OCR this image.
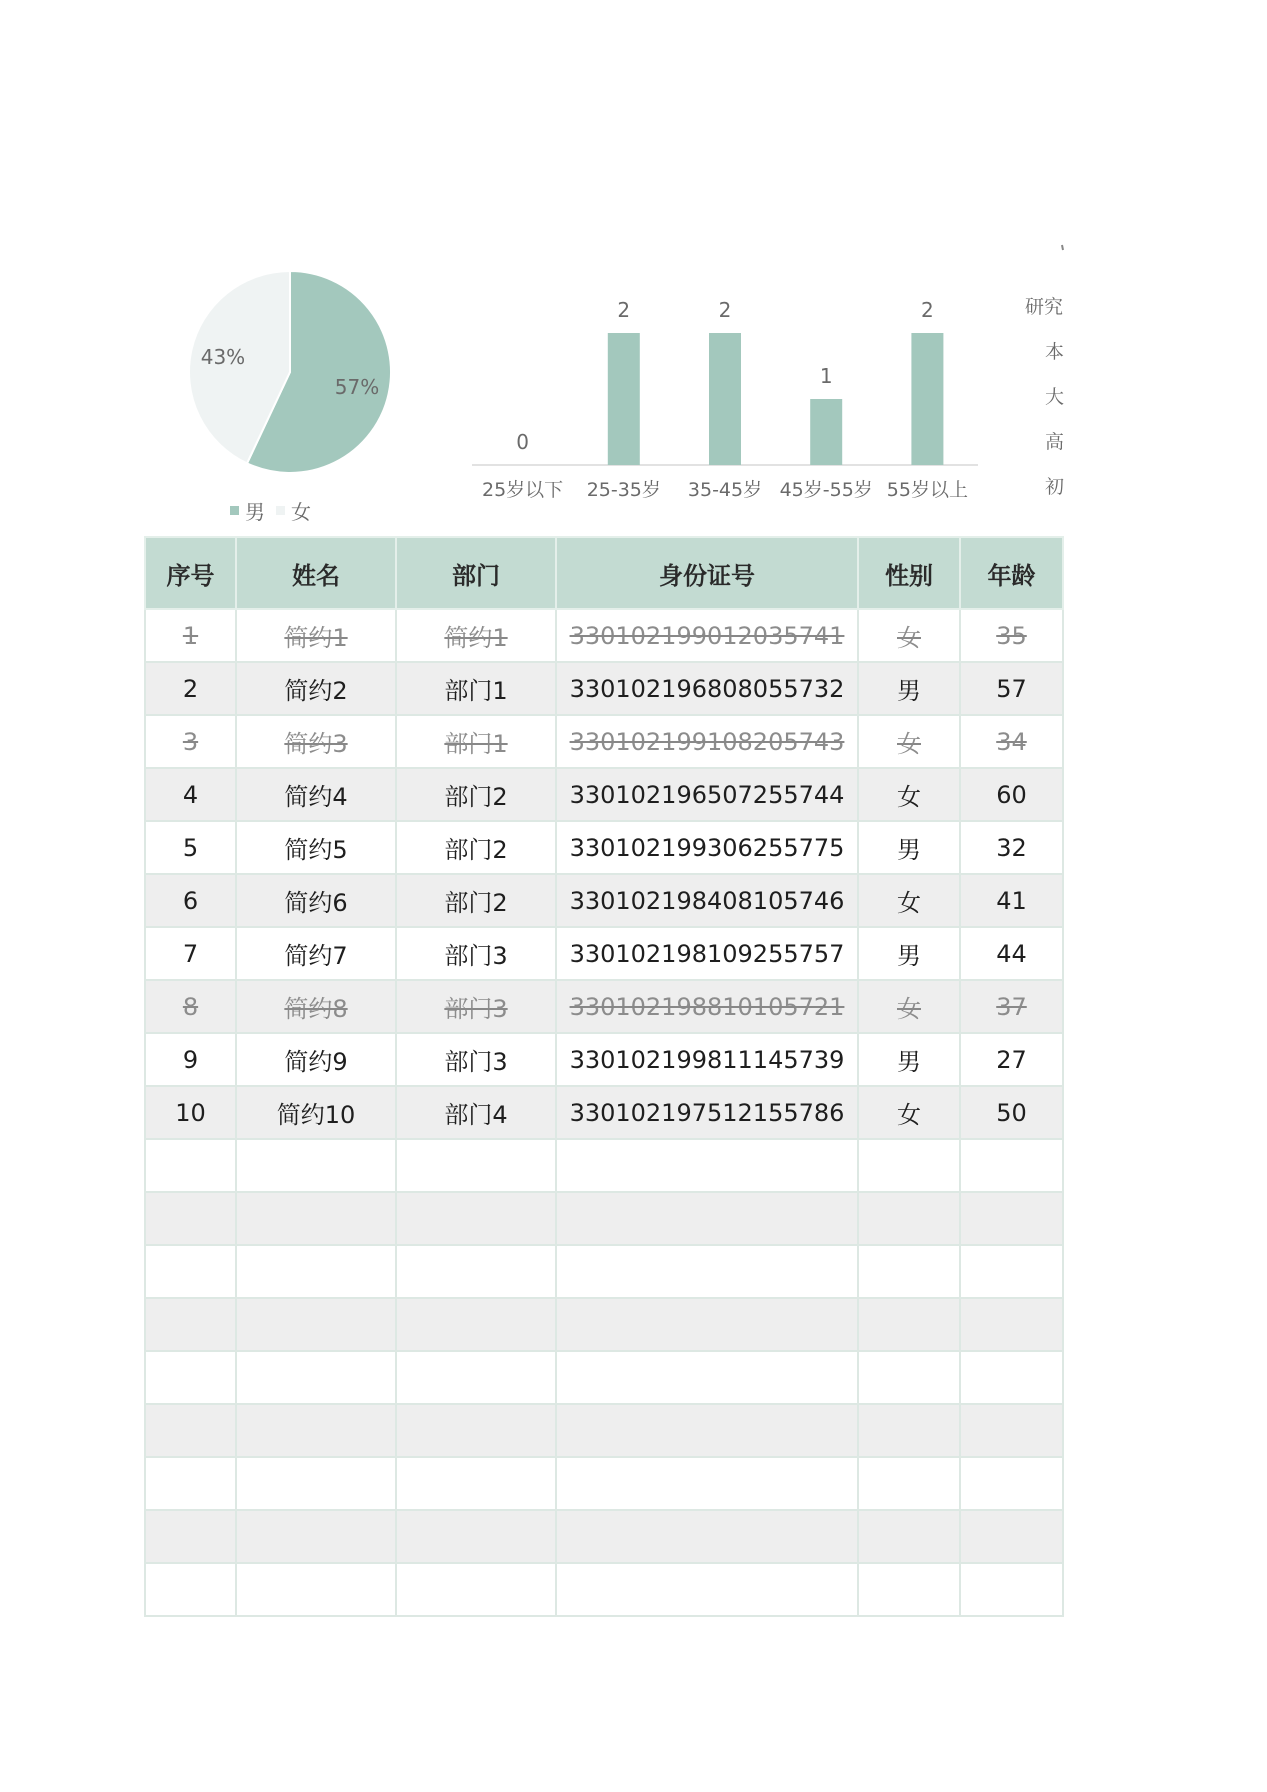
57%
43%
男 女
0
25岁以下
2
25-35岁
2
35-45岁
1
45岁-55岁
2
55岁以上
研究
本
大
高
初
序号	姓名	部门	身份证号	性别	年龄
1	简约1	简约1	330102199012035741	女	35
2	简约2	部门1	330102196808055732	男	57
3	简约3	部门1	330102199108205743	女	34
4	简约4	部门2	330102196507255744	女	60
5	简约5	部门2	330102199306255775	男	32
6	简约6	部门2	330102198408105746	女	41
7	简约7	部门3	330102198109255757	男	44
8	简约8	部门3	330102198810105721	女	37
9	简约9	部门3	330102199811145739	男	27
10	简约10	部门4	330102197512155786	女	50
